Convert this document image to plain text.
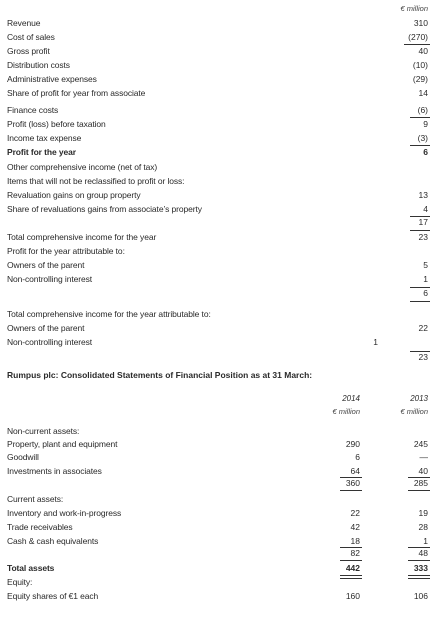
€ million
Revenue	310
Cost of sales	(270)
Gross profit	40
Distribution costs	(10)
Administrative expenses	(29)
Share of profit for year from associate	14
Finance costs	(6)
Profit (loss) before taxation	9
Income tax expense	(3)
Profit for the year	6
Other comprehensive income (net of tax)
Items that will not be reclassified to profit or loss:
Revaluation gains on group property	13
Share of revaluations gains from associate’s property	4
17
Total comprehensive income for the year	23
Profit for the year attributable to:
Owners of the parent	5
Non-controlling interest	1
6
Total comprehensive income for the year attributable to:
Owners of the parent	22
Non-controlling interest	1
23
Rumpus plc: Consolidated Statements of Financial Position as at 31 March:
2014	2013
€ million	€ million
Non-current assets:
Property, plant and equipment	290	245
Goodwill	6	—
Investments in associates	64	40
360	285
Current assets:
Inventory and work-in-progress	22	19
Trade receivables	42	28
Cash & cash equivalents	18	1
82	48
Total assets	442	333
Equity:
Equity shares of €1 each	160	106
